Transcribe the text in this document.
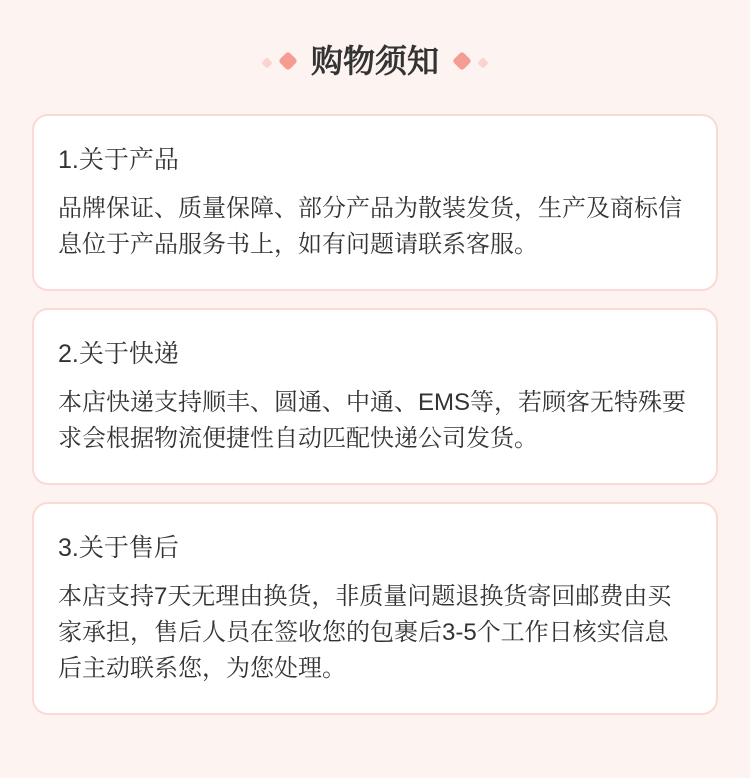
购物须知
1.关于产品

品牌保证、质量保障、部分产品为散装发货，生产及商标信息位于产品服务书上，如有问题请联系客服。

2.关于快递

本店快递支持顺丰、圆通、中通、EMS等，若顾客无特殊要求会根据物流便捷性自动匹配快递公司发货。

3.关于售后

本店支持7天无理由换货，非质量问题退换货寄回邮费由买家承担，售后人员在签收您的包裹后3-5个工作日核实信息后主动联系您，为您处理。
